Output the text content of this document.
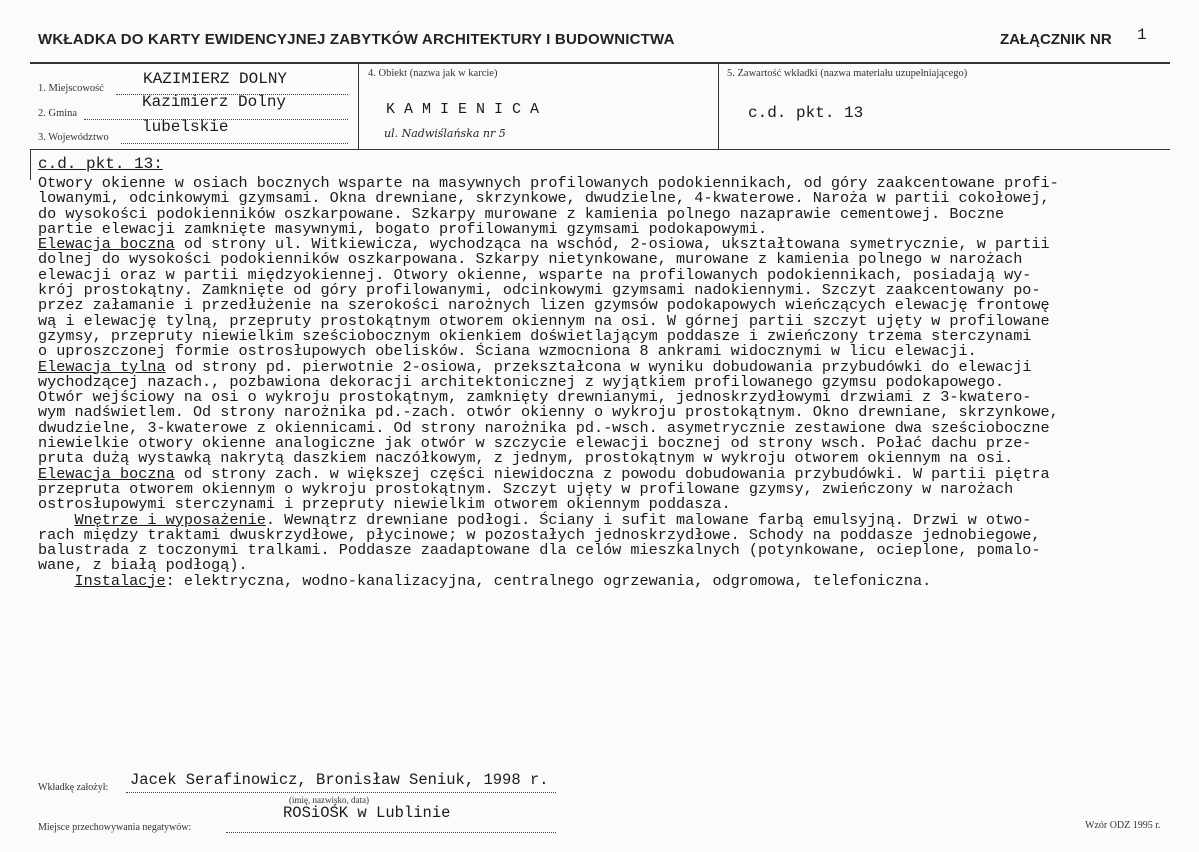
WKŁADKA DO KARTY EWIDENCYJNEJ ZABYTKÓW ARCHITEKTURY I BUDOWNICTWA	ZAŁĄCZNIK NR 1
1. Miejscowość
KAZIMIERZ DOLNY
2. Gmina
Kazimierz Dolny
3. Województwo
lubelskie
4. Obiekt (nazwa jak w karcie)
K A M I E N I C A
ul. Nadwiślańska nr 5
5. Zawartość wkładki (nazwa materiału uzupełniającego)
c.d. pkt. 13
c.d. pkt. 13:
Otwory okienne w osiach bocznych wsparte na masywnych profilowanych podokiennikach, od góry zaakcentowane profi-
lowanymi, odcinkowymi gzymsami. Okna drewniane, skrzynkowe, dwudzielne, 4-kwaterowe. Naroża w partii cokołowej,
do wysokości podokienników oszkarpowane. Szkarpy murowane z kamienia polnego nazaprawie cementowej. Boczne
partie elewacji zamknięte masywnymi, bogato profilowanymi gzymsami podokapowymi.
Elewacja boczna od strony ul. Witkiewicza, wychodząca na wschód, 2-osiowa, ukształtowana symetrycznie, w partii
dolnej do wysokości podokienników oszkarpowana. Szkarpy nietynkowane, murowane z kamienia polnego w narożach
elewacji oraz w partii międzyokiennej. Otwory okienne, wsparte na profilowanych podokiennikach, posiadają wy-
krój prostokątny. Zamknięte od góry profilowanymi, odcinkowymi gzymsami nadokiennymi. Szczyt zaakcentowany po-
przez załamanie i przedłużenie na szerokości narożnych lizen gzymsów podokapowych wieńczących elewację frontowę
wą i elewację tylną, przepruty prostokątnym otworem okiennym na osi. W górnej partii szczyt ujęty w profilowane
gzymsy, przepruty niewielkim sześciobocznym okienkiem doświetlającym poddasze i zwieńczony trzema sterczynami
o uproszczonej formie ostrosłupowych obelisków. Ściana wzmocniona 8 ankrami widocznymi w licu elewacji.
Elewacja tylna od strony pd. pierwotnie 2-osiowa, przekształcona w wyniku dobudowania przybudówki do elewacji
wychodzącej nazach., pozbawiona dekoracji architektonicznej z wyjątkiem profilowanego gzymsu podokapowego.
Otwór wejściowy na osi o wykroju prostokątnym, zamknięty drewnianymi, jednoskrzydłowymi drzwiami z 3-kwatero-
wym nadświetlem. Od strony narożnika pd.-zach. otwór okienny o wykroju prostokątnym. Okno drewniane, skrzynkowe,
dwudzielne, 3-kwaterowe z okiennicami. Od strony narożnika pd.-wsch. asymetrycznie zestawione dwa sześcioboczne
niewielkie otwory okienne analogiczne jak otwór w szczycie elewacji bocznej od strony wsch. Połać dachu prze-
pruta dużą wystawką nakrytą daszkiem naczółkowym, z jednym, prostokątnym w wykroju otworem okiennym na osi.
Elewacja boczna od strony zach. w większej części niewidoczna z powodu dobudowania przybudówki. W partii piętra
przepruta otworem okiennym o wykroju prostokątnym. Szczyt ujęty w profilowane gzymsy, zwieńczony w narożach
ostrosłupowymi sterczynami i przepruty niewielkim otworem okiennym poddasza.
Wnętrze i wyposażenie. Wewnątrz drewniane podłogi. Ściany i sufit malowane farbą emulsyjną. Drzwi w otwo-
rach między traktami dwuskrzydłowe, płycinowe; w pozostałych jednoskrzydłowe. Schody na poddasze jednobiegowe,
balustrada z toczonymi tralkami. Poddasze zaadaptowane dla celów mieszkalnych (potynkowane, ocieplone, pomalo-
wane, z białą podłogą).
Instalacje: elektryczna, wodno-kanalizacyjna, centralnego ogrzewania, odgromowa, telefoniczna.
Wkładkę założył: Jacek Serafinowicz, Bronisław Seniuk, 1998 r.
(imię, nazwisko, data)
Miejsce przechowywania negatywów:
ROSiOŚK w Lublinie
Wzór ODZ 1995 r.
